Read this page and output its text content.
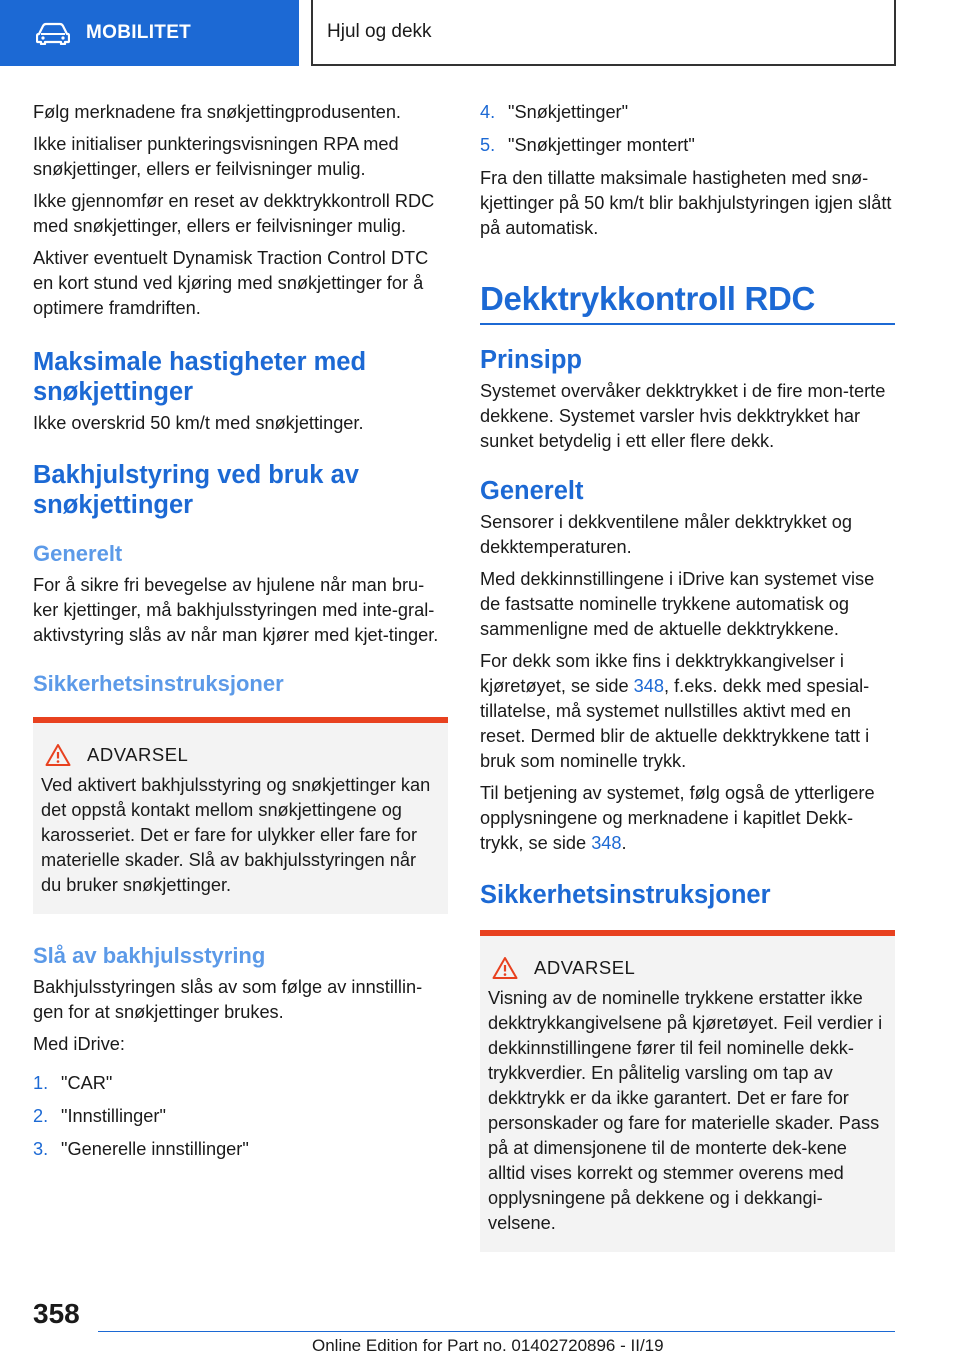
MOBILITET	Hjul og dekk

Følg merknadene fra snøkjettingprodusenten.

Ikke initialiser punkteringsvisningen RPA med snøkjettinger, ellers er feilvisninger mulig.

Ikke gjennomfør en reset av dekktrykkontroll RDC med snøkjettinger, ellers er feilvisninger mulig.

Aktiver eventuelt Dynamisk Traction Control DTC en kort stund ved kjøring med snøkjettinger for å optimere framdriften.

Maksimale hastigheter med snøkjettinger

Ikke overskrid 50 km/t med snøkjettinger.

Bakhjulstyring ved bruk av snøkjettinger
Generelt

For å sikre fri bevegelse av hjulene når man bru-ker kjettinger, må bakhjulsstyringen med inte-gral-aktivstyring slås av når man kjører med kjet-tinger.

Sikkerhetsinstruksjoner
ADVARSEL

Ved aktivert bakhjulsstyring og snøkjettinger kan det oppstå kontakt mellom snøkjettingene og karosseriet. Det er fare for ulykker eller fare for materielle skader. Slå av bakhjulsstyringen når du bruker snøkjettinger.

Slå av bakhjulsstyring

Bakhjulsstyringen slås av som følge av innstillin-gen for at snøkjettinger brukes.

Med iDrive:

1. "CAR"
2. "Innstillinger"
3. "Generelle innstillinger"
4. "Snøkjettinger"
5. "Snøkjettinger montert"

Fra den tillatte maksimale hastigheten med snø-kjettinger på 50 km/t blir bakhjulstyringen igjen slått på automatisk.

Dekktrykkontroll RDC
Prinsipp

Systemet overvåker dekktrykket i de fire mon-terte dekkene. Systemet varsler hvis dekktrykket har sunket betydelig i ett eller flere dekk.

Generelt

Sensorer i dekkventilene måler dekktrykket og dekktemperaturen.

Med dekkinnstillingene i iDrive kan systemet vise de fastsatte nominelle trykkene automatisk og sammenligne med de aktuelle dekktrykkene.

For dekk som ikke fins i dekktrykkangivelser i kjøretøyet, se side 348, f.eks. dekk med spesial-tillatelse, må systemet nullstilles aktivt med en reset. Dermed blir de aktuelle dekktrykkene tatt i bruk som nominelle trykk.

Til betjening av systemet, følg også de ytterligere opplysningene og merknadene i kapitlet Dekk-trykk, se side 348.

Sikkerhetsinstruksjoner
ADVARSEL

Visning av de nominelle trykkene erstatter ikke dekktrykkangivelsene på kjøretøyet. Feil verdier i dekkinnstillingene fører til feil nominelle dekk-trykkverdier. En pålitelig varsling om tap av dekktrykk er da ikke garantert. Det er fare for personskader og fare for materielle skader. Pass på at dimensjonene til de monterte dek-kene alltid vises korrekt og stemmer overens med opplysningene på dekkene og i dekkangi-velsene.

358
Online Edition for Part no. 01402720896 - II/19
